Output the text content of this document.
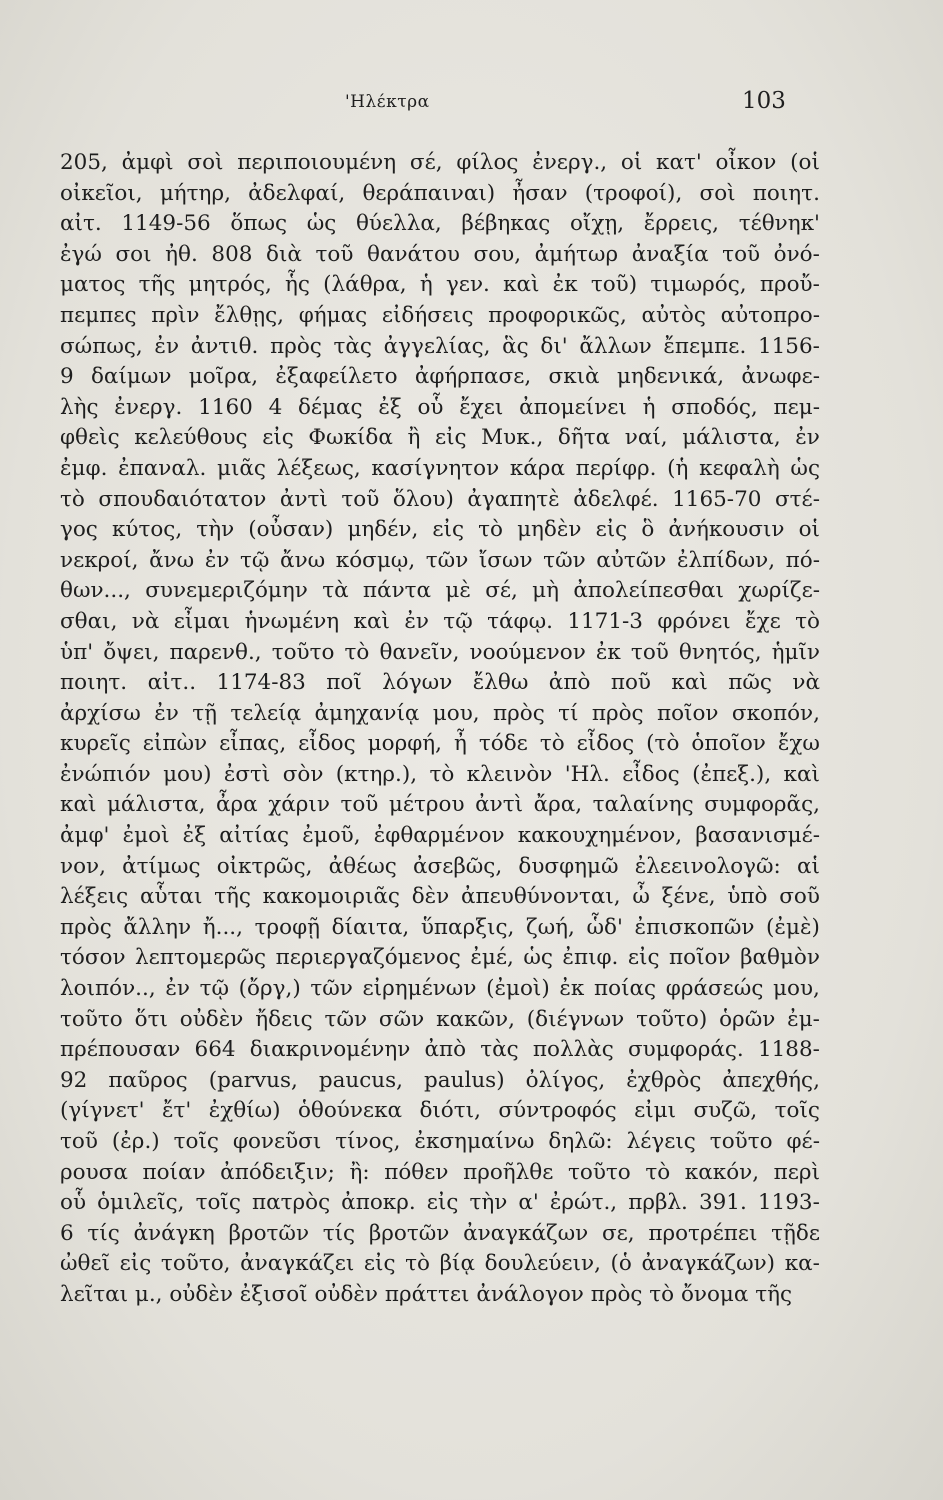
'Ηλέκτρα	103
205, ἀμφὶ σοὶ περιποιουμένη σέ, φίλος ἐνεργ., οἱ κατ' οἶκον (οἱ
οἰκεῖοι, μήτηρ, ἀδελφαί, θεράπαιναι) ἦσαν (τροφοί), σοὶ ποιητ.
αἰτ. 1149-56 ὅπως ὡς θύελλα, βέβηκας οἴχῃ, ἔρρεις, τέθνηκ'
ἐγώ σοι ἠθ. 808 διὰ τοῦ θανάτου σου, ἀμήτωρ ἀναξία τοῦ ὀνό-
ματος τῆς μητρός, ἧς (λάθρα, ἡ γεν. καὶ ἐκ τοῦ) τιμωρός, προὔ-
πεμπες πρὶν ἔλθῃς, φήμας εἰδήσεις προφορικῶς, αὐτὸς αὐτοπρο-
σώπως, ἐν ἀντιθ. πρὸς τὰς ἀγγελίας, ἃς δι' ἄλλων ἔπεμπε. 1156-
9 δαίμων μοῖρα, ἐξαφείλετο ἀφήρπασε, σκιὰ μηδενικά, ἀνωφε-
λὴς ἐνεργ. 1160 4 δέμας ἐξ οὗ ἔχει ἀπομείνει ἡ σποδός, πεμ-
φθεὶς κελεύθους εἰς Φωκίδα ἢ εἰς Μυκ., δῆτα ναί, μάλιστα, ἐν
ἐμφ. ἐπαναλ. μιᾶς λέξεως, κασίγνητον κάρα περίφρ. (ἡ κεφαλὴ ὡς
τὸ σπουδαιότατον ἀντὶ τοῦ ὅλου) ἀγαπητὲ ἀδελφέ. 1165-70 στέ-
γος κύτος, τὴν (οὖσαν) μηδέν, εἰς τὸ μηδὲν εἰς ὃ ἀνήκουσιν οἱ
νεκροί, ἄνω ἐν τῷ ἄνω κόσμῳ, τῶν ἴσων τῶν αὐτῶν ἐλπίδων, πό-
θων..., συνεμεριζόμην τὰ πάντα μὲ σέ, μὴ ἀπολείπεσθαι χωρίζε-
σθαι, νὰ εἶμαι ἡνωμένη καὶ ἐν τῷ τάφῳ. 1171-3 φρόνει ἔχε τὸ
ὑπ' ὄψει, παρενθ., τοῦτο τὸ θανεῖν, νοούμενον ἐκ τοῦ θνητός, ἡμῖν
ποιητ. αἰτ.. 1174-83 ποῖ λόγων ἔλθω ἀπὸ ποῦ καὶ πῶς νὰ
ἀρχίσω ἐν τῇ τελείᾳ ἀμηχανίᾳ μου, πρὸς τί πρὸς ποῖον σκοπόν,
κυρεῖς εἰπὼν εἶπας, εἶδος μορφή, ἦ τόδε τὸ εἶδος (τὸ ὁποῖον ἔχω
ἐνώπιόν μου) ἐστὶ σὸν (κτηρ.), τὸ κλεινὸν 'Ηλ. εἶδος (ἐπεξ.), καὶ
καὶ μάλιστα, ἆρα χάριν τοῦ μέτρου ἀντὶ ἄρα, ταλαίνης συμφορᾶς,
ἀμφ' ἐμοὶ ἐξ αἰτίας ἐμοῦ, ἐφθαρμένον κακουχημένον, βασανισμέ-
νον, ἀτίμως οἰκτρῶς, ἀθέως ἀσεβῶς, δυσφημῶ ἐλεεινολογῶ: αἱ
λέξεις αὗται τῆς κακομοιριᾶς δὲν ἀπευθύνονται, ὦ ξένε, ὑπὸ σοῦ
πρὸς ἄλλην ἤ..., τροφῇ δίαιτα, ὕπαρξις, ζωή, ὧδ' ἐπισκοπῶν (ἐμὲ)
τόσον λεπτομερῶς περιεργαζόμενος ἐμέ, ὡς ἐπιφ. εἰς ποῖον βαθμὸν
λοιπόν.., ἐν τῷ (ὄργ,) τῶν εἰρημένων (ἐμοὶ) ἐκ ποίας φράσεώς μου,
τοῦτο ὅτι οὐδὲν ἤδεις τῶν σῶν κακῶν, (διέγνων τοῦτο) ὁρῶν ἐμ-
πρέπουσαν 664 διακρινομένην ἀπὸ τὰς πολλὰς συμφοράς. 1188-
92 παῦρος (parvus, paucus, paulus) ὀλίγος, ἐχθρὸς ἀπεχθής,
(γίγνετ' ἔτ' ἐχθίω) ὁθούνεκα διότι, σύντροφός εἰμι συζῶ, τοῖς
τοῦ (ἐρ.) τοῖς φονεῦσι τίνος, ἐκσημαίνω δηλῶ: λέγεις τοῦτο φέ-
ρουσα ποίαν ἀπόδειξιν; ἢ: πόθεν προῆλθε τοῦτο τὸ κακόν, περὶ
οὗ ὁμιλεῖς, τοῖς πατρὸς ἀποκρ. εἰς τὴν α' ἐρώτ., πρβλ. 391. 1193-
6 τίς ἀνάγκη βροτῶν τίς βροτῶν ἀναγκάζων σε, προτρέπει τῇδε
ὠθεῖ εἰς τοῦτο, ἀναγκάζει εἰς τὸ βίᾳ δουλεύειν, (ὁ ἀναγκάζων) κα-
λεῖται μ., οὐδὲν ἐξισοῖ οὐδὲν πράττει ἀνάλογον πρὸς τὸ ὄνομα τῆς
